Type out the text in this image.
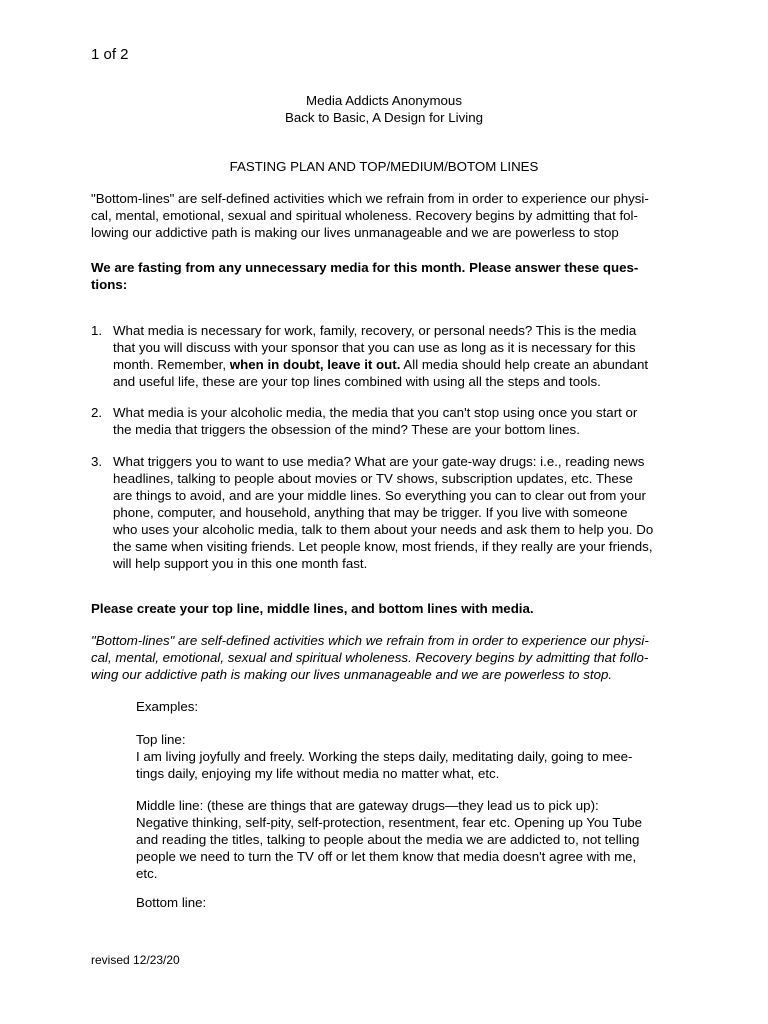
1 of 2
Media Addicts Anonymous
Back to Basic, A Design for Living
FASTING PLAN AND TOP/MEDIUM/BOTOM LINES
"Bottom-lines" are self-defined activities which we refrain from in order to experience our physi-
cal, mental, emotional, sexual and spiritual wholeness. Recovery begins by admitting that fol-
lowing our addictive path is making our lives unmanageable and we are powerless to stop
We are fasting from any unnecessary media for this month. Please answer these ques-
tions:
1. What media is necessary for work, family, recovery, or personal needs? This is the media
that you will discuss with your sponsor that you can use as long as it is necessary for this
month. Remember, when in doubt, leave it out. All media should help create an abundant
and useful life, these are your top lines combined with using all the steps and tools.
2. What media is your alcoholic media, the media that you can't stop using once you start or
the media that triggers the obsession of the mind? These are your bottom lines.
3. What triggers you to want to use media? What are your gate-way drugs: i.e., reading news
headlines, talking to people about movies or TV shows, subscription updates, etc. These
are things to avoid, and are your middle lines. So everything you can to clear out from your
phone, computer, and household, anything that may be trigger. If you live with someone
who uses your alcoholic media, talk to them about your needs and ask them to help you. Do
the same when visiting friends. Let people know, most friends, if they really are your friends,
will help support you in this one month fast.
Please create your top line, middle lines, and bottom lines with media.
"Bottom-lines" are self-defined activities which we refrain from in order to experience our physi-
cal, mental, emotional, sexual and spiritual wholeness. Recovery begins by admitting that follo-
wing our addictive path is making our lives unmanageable and we are powerless to stop.
Examples:
Top line:
I am living joyfully and freely. Working the steps daily, meditating daily, going to mee-
tings daily, enjoying my life without media no matter what, etc.
Middle line: (these are things that are gateway drugs—they lead us to pick up):
Negative thinking, self-pity, self-protection, resentment, fear etc. Opening up You Tube
and reading the titles, talking to people about the media we are addicted to, not telling
people we need to turn the TV off or let them know that media doesn't agree with me,
etc.
Bottom line:
revised 12/23/20
